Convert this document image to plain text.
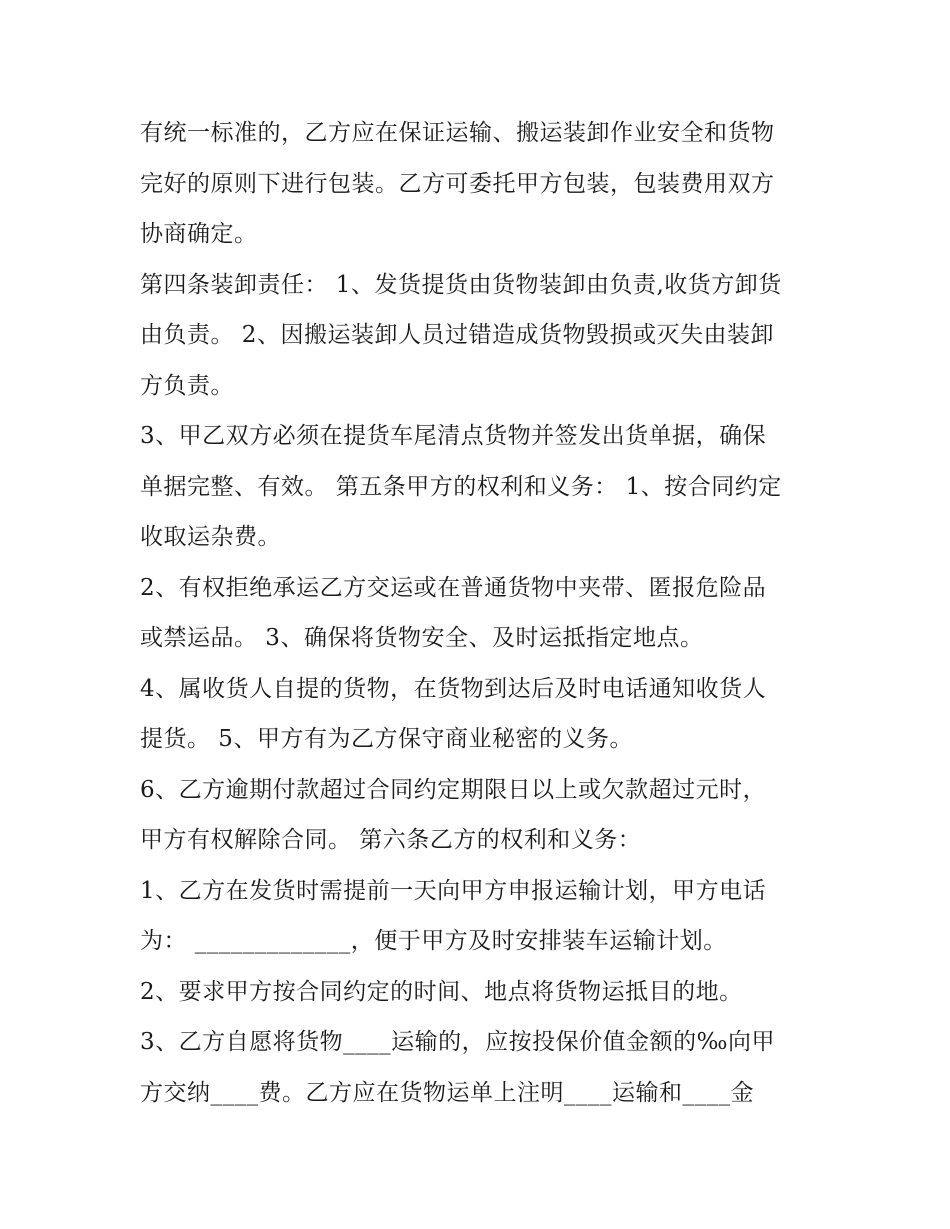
有统一标准的，乙方应在保证运输、搬运装卸作业安全和货物
完好的原则下进行包装。乙方可委托甲方包装，包装费用双方
协商确定。

第四条装卸责任： 1、发货提货由货物装卸由负责,收货方卸货
由负责。 2、因搬运装卸人员过错造成货物毁损或灭失由装卸
方负责。

3、甲乙双方必须在提货车尾清点货物并签发出货单据，确保
单据完整、有效。 第五条甲方的权利和义务： 1、按合同约定
收取运杂费。

2、有权拒绝承运乙方交运或在普通货物中夹带、匿报危险品
或禁运品。 3、确保将货物安全、及时运抵指定地点。

4、属收货人自提的货物，在货物到达后及时电话通知收货人
提货。 5、甲方有为乙方保守商业秘密的义务。

6、乙方逾期付款超过合同约定期限日以上或欠款超过元时，
甲方有权解除合同。 第六条乙方的权利和义务：

1、乙方在发货时需提前一天向甲方申报运输计划，甲方电话
为： _____________，便于甲方及时安排装车运输计划。

2、要求甲方按合同约定的时间、地点将货物运抵目的地。

3、乙方自愿将货物____运输的，应按投保价值金额的‰向甲
方交纳____费。乙方应在货物运单上注明____运输和____金
